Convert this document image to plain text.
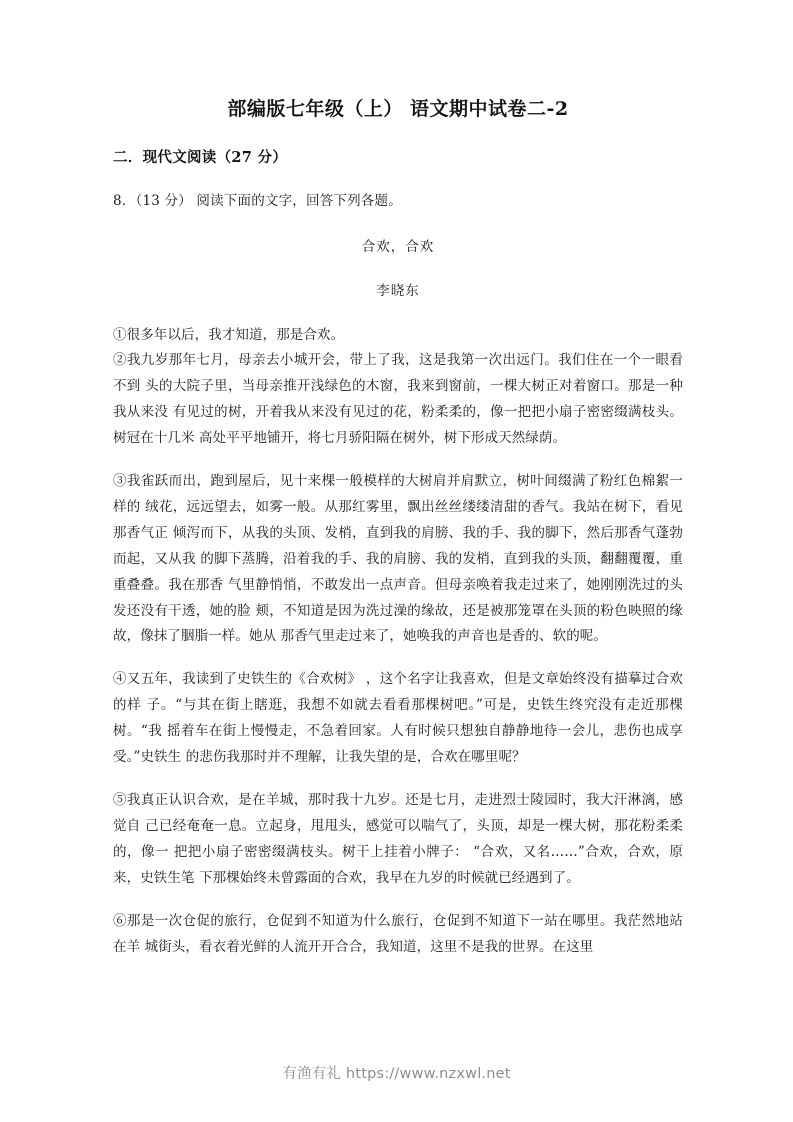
部编版七年级（上） 语文期中试卷二-2
二．现代文阅读（27 分）
8．（13 分） 阅读下面的文字，回答下列各题。
合欢，合欢
李晓东

①很多年以后，我才知道，那是合欢。

②我九岁那年七月，母亲去小城开会，带上了我，这是我第一次出远门。我们住在一个一眼看不到 头的大院子里，当母亲推开浅绿色的木窗，我来到窗前，一棵大树正对着窗口。那是一种我从来没 有见过的树，开着我从来没有见过的花，粉柔柔的，像一把把小扇子密密缀满枝头。树冠在十几米 高处平平地铺开，将七月骄阳隔在树外，树下形成天然绿荫。

③我雀跃而出，跑到屋后，见十来棵一般模样的大树肩并肩默立，树叶间缀满了粉红色棉絮一样的 绒花，远远望去，如雾一般。从那红雾里，飘出丝丝缕缕清甜的香气。我站在树下，看见那香气正 倾泻而下，从我的头顶、发梢，直到我的肩膀、我的手、我的脚下，然后那香气蓬勃而起，又从我 的脚下蒸腾，沿着我的手、我的肩膀、我的发梢，直到我的头顶，翻翻覆覆，重重叠叠。我在那香 气里静悄悄，不敢发出一点声音。但母亲唤着我走过来了，她刚刚洗过的头发还没有干透，她的脸 颊，不知道是因为洗过澡的缘故，还是被那笼罩在头顶的粉色映照的缘故，像抹了胭脂一样。她从 那香气里走过来了，她唤我的声音也是香的、软的呢。

④又五年，我读到了史铁生的《合欢树》 ，这个名字让我喜欢，但是文章始终没有描摹过合欢的样 子。“与其在街上瞎逛，我想不如就去看看那棵树吧。”可是，史铁生终究没有走近那棵树。“我 摇着车在街上慢慢走，不急着回家。人有时候只想独自静静地待一会儿，悲伤也成享受。”史铁生 的悲伤我那时并不理解，让我失望的是，合欢在哪里呢？

⑤我真正认识合欢，是在羊城，那时我十九岁。还是七月，走进烈士陵园时，我大汗淋漓，感觉自 己已经奄奄一息。立起身，甩甩头，感觉可以喘气了，头顶，却是一棵大树，那花粉柔柔的，像一 把把小扇子密密缀满枝头。树干上挂着小牌子： “合欢，又名……”合欢，合欢，原来，史铁生笔 下那棵始终未曾露面的合欢，我早在九岁的时候就已经遇到了。

⑥那是一次仓促的旅行，仓促到不知道为什么旅行，仓促到不知道下一站在哪里。我茫然地站在羊 城街头，看衣着光鲜的人流开开合合，我知道，这里不是我的世界。在这里

有渔有礼 https://www.nzxwl.net
